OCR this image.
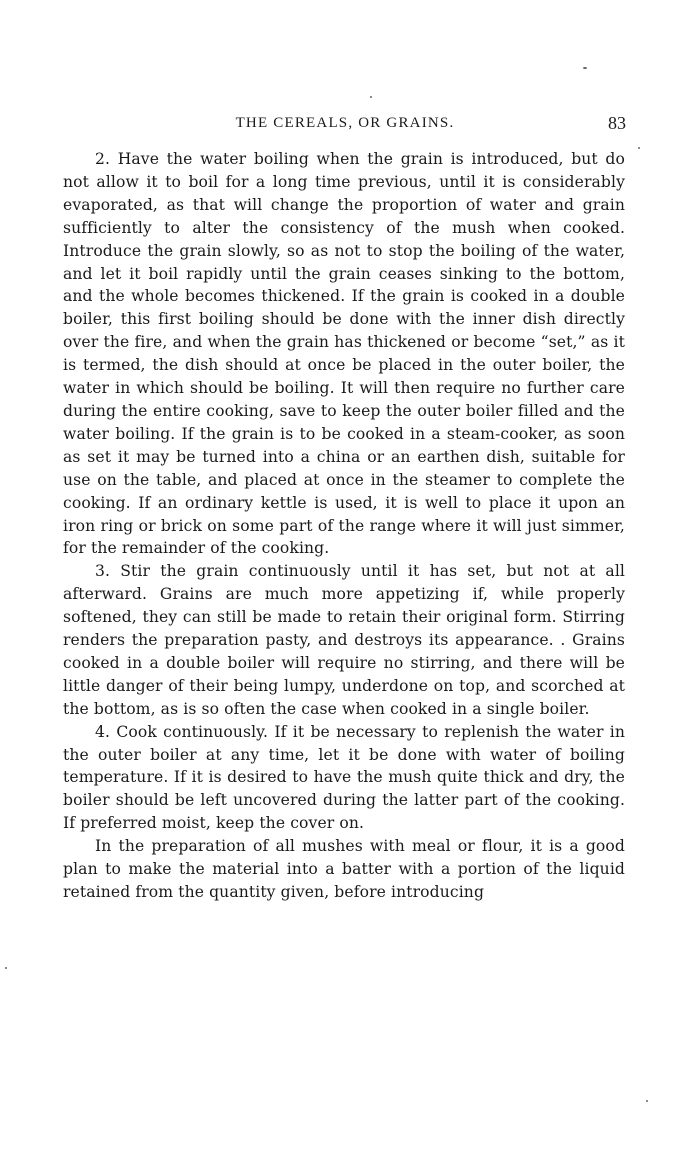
THE CEREALS, OR GRAINS.	83

2. Have the water boiling when the grain is introduced, but do not allow it to boil for a long time previous, until it is considerably evaporated, as that will change the proportion of water and grain sufficiently to alter the consistency of the mush when cooked. Introduce the grain slowly, so as not to stop the boiling of the water, and let it boil rapidly until the grain ceases sinking to the bottom, and the whole becomes thickened. If the grain is cooked in a double boiler, this first boiling should be done with the inner dish directly over the fire, and when the grain has thickened or become “set,” as it is termed, the dish should at once be placed in the outer boiler, the water in which should be boiling. It will then require no further care during the entire cooking, save to keep the outer boiler filled and the water boiling. If the grain is to be cooked in a steam-cooker, as soon as set it may be turned into a china or an earthen dish, suitable for use on the table, and placed at once in the steamer to complete the cooking. If an ordinary kettle is used, it is well to place it upon an iron ring or brick on some part of the range where it will just simmer, for the remainder of the cooking.

3. Stir the grain continuously until it has set, but not at all afterward. Grains are much more appetizing if, while properly softened, they can still be made to retain their original form. Stirring renders the preparation pasty, and destroys its appearance. . Grains cooked in a double boiler will require no stirring, and there will be little danger of their being lumpy, underdone on top, and scorched at the bottom, as is so often the case when cooked in a single boiler.

4. Cook continuously. If it be necessary to replenish the water in the outer boiler at any time, let it be done with water of boiling temperature. If it is desired to have the mush quite thick and dry, the boiler should be left uncovered during the latter part of the cooking. If preferred moist, keep the cover on.

In the preparation of all mushes with meal or flour, it is a good plan to make the material into a batter with a portion of the liquid retained from the quantity given, before introducing
